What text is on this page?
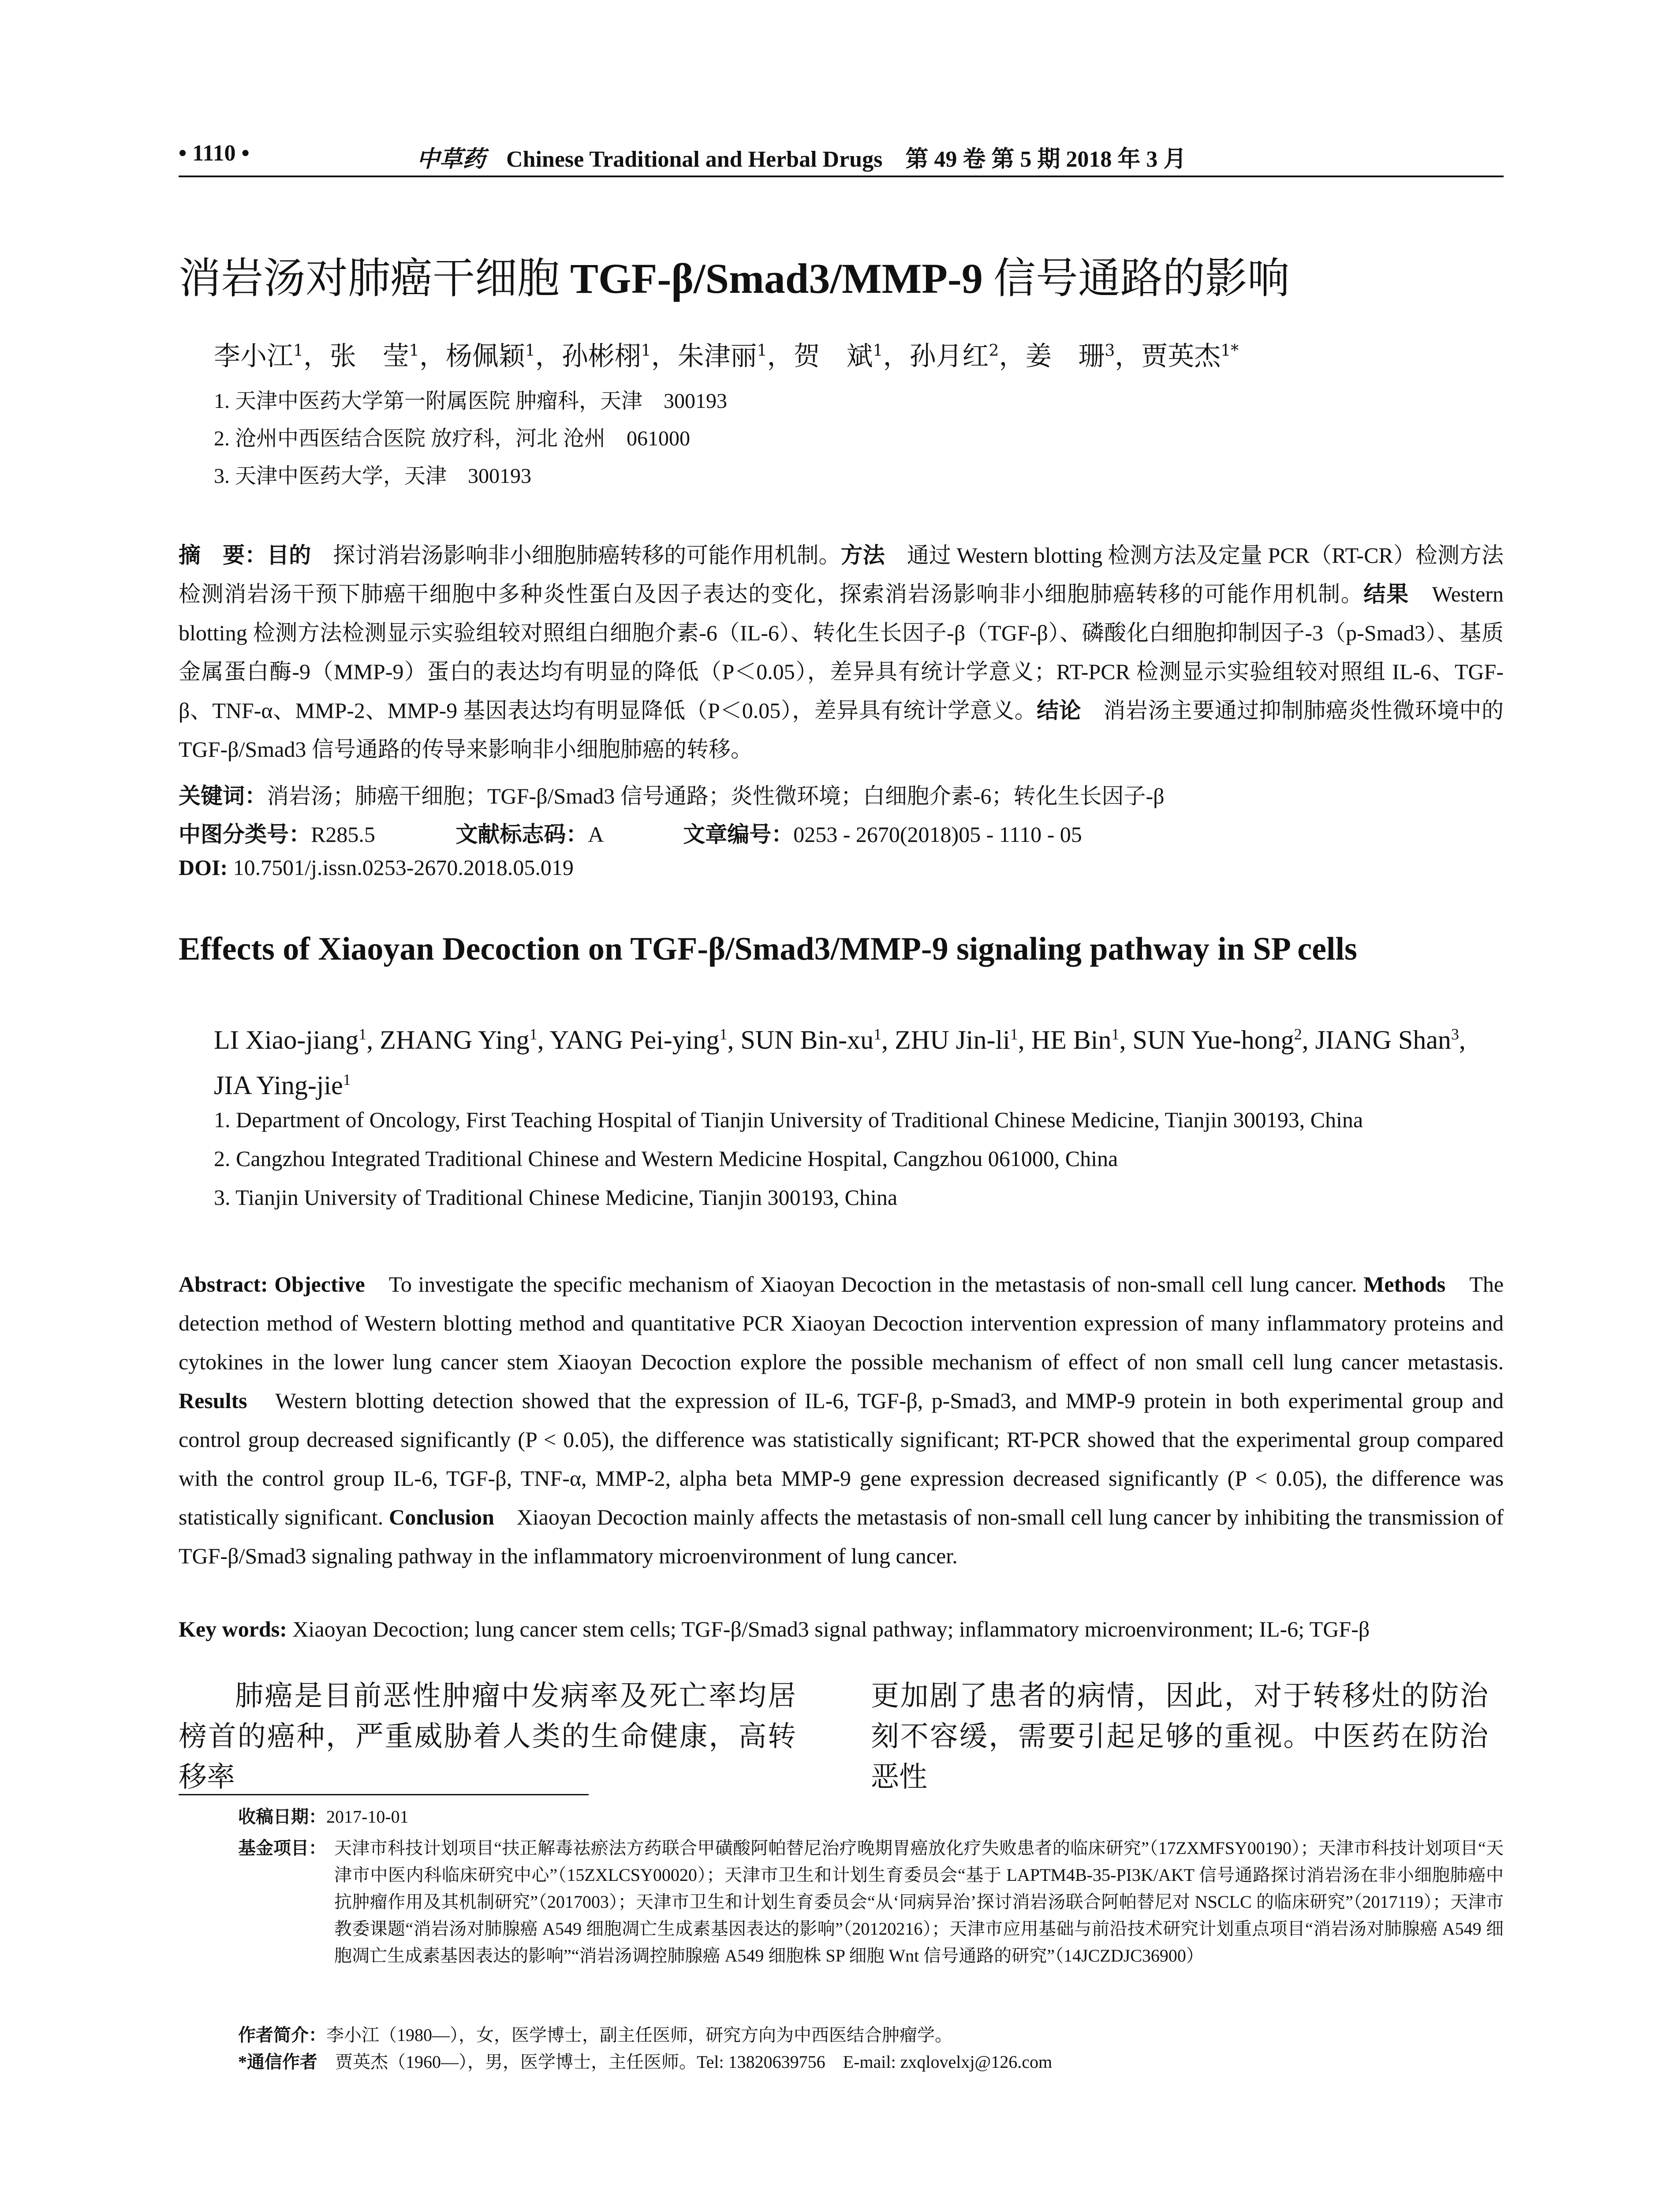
• 1110 •	中草药 Chinese Traditional and Herbal Drugs 第 49 卷 第 5 期 2018 年 3 月
消岩汤对肺癌干细胞 TGF-β/Smad3/MMP-9 信号通路的影响
李小江$^1$，张　莹$^1$，杨佩颖$^1$，孙彬栩$^1$，朱津丽$^1$，贺　斌$^1$，孙月红$^2$，姜　珊$^3$，贾英杰$^{1*}$
1. 天津中医药大学第一附属医院 肿瘤科，天津　300193
2. 沧州中西医结合医院 放疗科，河北 沧州　061000
3. 天津中医药大学，天津　300193
摘　要：目的　探讨消岩汤影响非小细胞肺癌转移的可能作用机制。方法　通过 Western blotting 检测方法及定量 PCR（RT-CR）检测方法检测消岩汤干预下肺癌干细胞中多种炎性蛋白及因子表达的变化，探索消岩汤影响非小细胞肺癌转移的可能作用机制。结果　Western blotting 检测方法检测显示实验组较对照组白细胞介素-6（IL-6）、转化生长因子-β（TGF-β）、磷酸化白细胞抑制因子-3（p-Smad3）、基质金属蛋白酶-9（MMP-9）蛋白的表达均有明显的降低（P＜0.05），差异具有统计学意义；RT-PCR 检测显示实验组较对照组 IL-6、TGF-β、TNF-α、MMP-2、MMP-9 基因表达均有明显降低（P＜0.05），差异具有统计学意义。结论　消岩汤主要通过抑制肺癌炎性微环境中的 TGF-β/Smad3 信号通路的传导来影响非小细胞肺癌的转移。
关键词：消岩汤；肺癌干细胞；TGF-β/Smad3 信号通路；炎性微环境；白细胞介素-6；转化生长因子-β
中图分类号：R285.5	文献标志码：A	文章编号：0253 - 2670(2018)05 - 1110 - 05
DOI: 10.7501/j.issn.0253-2670.2018.05.019
Effects of Xiaoyan Decoction on TGF-β/Smad3/MMP-9 signaling pathway in SP cells
LI Xiao-jiang$^1$, ZHANG Ying$^1$, YANG Pei-ying$^1$, SUN Bin-$xu^1$, ZHU Jin-$li^1$, HE Bin$^1$, SUN Yue-hong$^2$, JIANG Shan$^3$, JIA Ying-jie$^1$
1. Department of Oncology, First Teaching Hospital of Tianjin University of Traditional Chinese Medicine, Tianjin 300193, China
2. Cangzhou Integrated Traditional Chinese and Western Medicine Hospital, Cangzhou 061000, China
3. Tianjin University of Traditional Chinese Medicine, Tianjin 300193, China
Abstract: Objective　To investigate the specific mechanism of Xiaoyan Decoction in the metastasis of non-small cell lung cancer. Methods　The detection method of Western blotting method and quantitative PCR Xiaoyan Decoction intervention expression of many inflammatory proteins and cytokines in the lower lung cancer stem Xiaoyan Decoction explore the possible mechanism of effect of non small cell lung cancer metastasis. Results　Western blotting detection showed that the expression of IL-6, TGF-β, p-Smad3, and MMP-9 protein in both experimental group and control group decreased significantly (P < 0.05), the difference was statistically significant; RT-PCR showed that the experimental group compared with the control group IL-6, TGF-β, TNF-α, MMP-2, alpha beta MMP-9 gene expression decreased significantly (P < 0.05), the difference was statistically significant. Conclusion　Xiaoyan Decoction mainly affects the metastasis of non-small cell lung cancer by inhibiting the transmission of TGF-β/Smad3 signaling pathway in the inflammatory microenvironment of lung cancer.
Key words: Xiaoyan Decoction; lung cancer stem cells; TGF-β/Smad3 signal pathway; inflammatory microenvironment; IL-6; TGF-β
肺癌是目前恶性肿瘤中发病率及死亡率均居榜首的癌种，严重威胁着人类的生命健康，高转移率
更加剧了患者的病情，因此，对于转移灶的防治刻不容缓，需要引起足够的重视。中医药在防治恶性
收稿日期：2017-10-01
基金项目： 天津市科技计划项目“扶正解毒祛瘀法方药联合甲磺酸阿帕替尼治疗晚期胃癌放化疗失败患者的临床研究”（17ZXMFSY00190）；天津市科技计划项目“天津市中医内科临床研究中心”（15ZXLCSY00020）；天津市卫生和计划生育委员会“基于 LAPTM4B-35-PI3K/AKT 信号通路探讨消岩汤在非小细胞肺癌中抗肿瘤作用及其机制研究”（2017003）；天津市卫生和计划生育委员会“从‘同病异治’探讨消岩汤联合阿帕替尼对 NSCLC 的临床研究”（2017119）；天津市教委课题“消岩汤对肺腺癌 A549 细胞凋亡生成素基因表达的影响”（20120216）；天津市应用基础与前沿技术研究计划重点项目“消岩汤对肺腺癌 A549 细胞凋亡生成素基因表达的影响”“消岩汤调控肺腺癌 A549 细胞株 SP 细胞 Wnt 信号通路的研究”（14JCZDJC36900）
作者简介：李小江（1980—），女，医学博士，副主任医师，研究方向为中西医结合肿瘤学。
*通信作者　贾英杰（1960—），男，医学博士，主任医师。Tel: 13820639756　E-mail: zxqlovelxj@126.com
